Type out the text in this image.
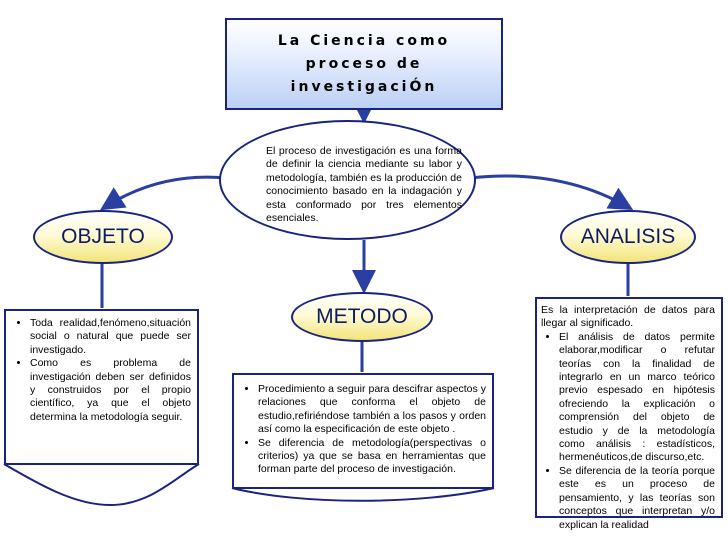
La Ciencia como proceso de investigaciÓn
El proceso de investigación es una forma de definir la ciencia mediante su labor y metodología, también es la producción de conocimiento basado en la indagación y esta conformado por tres elementos esenciales.
OBJETO
METODO
ANALISIS
• Toda realidad,fenómeno,situación social o natural que puede ser investigado.
• Como es problema de investigación deben ser definidos y construidos por el propio científico, ya que el objeto determina la metodología seguir.
• Procedimiento a seguir para descifrar aspectos y relaciones que conforma el objeto de estudio,refiriéndose también a los pasos y orden así como la especificación de este objeto .
• Se diferencia de metodología(perspectivas o criterios) ya que se basa en herramientas que forman parte del proceso de investigación.

Es la interpretación de datos para llegar al significado.

• El análisis de datos permite elaborar,modificar o refutar teorías con la finalidad de integrarlo en un marco teórico previo espesado en hipótesis ofreciendo la explicación o comprensión del objeto de estudio y de la metodología como análisis : estadísticos, hermenéuticos,de discurso,etc.
• Se diferencia de la teoría porque este es un proceso de pensamiento, y las teorías son conceptos que interpretan y/o explican la realidad
